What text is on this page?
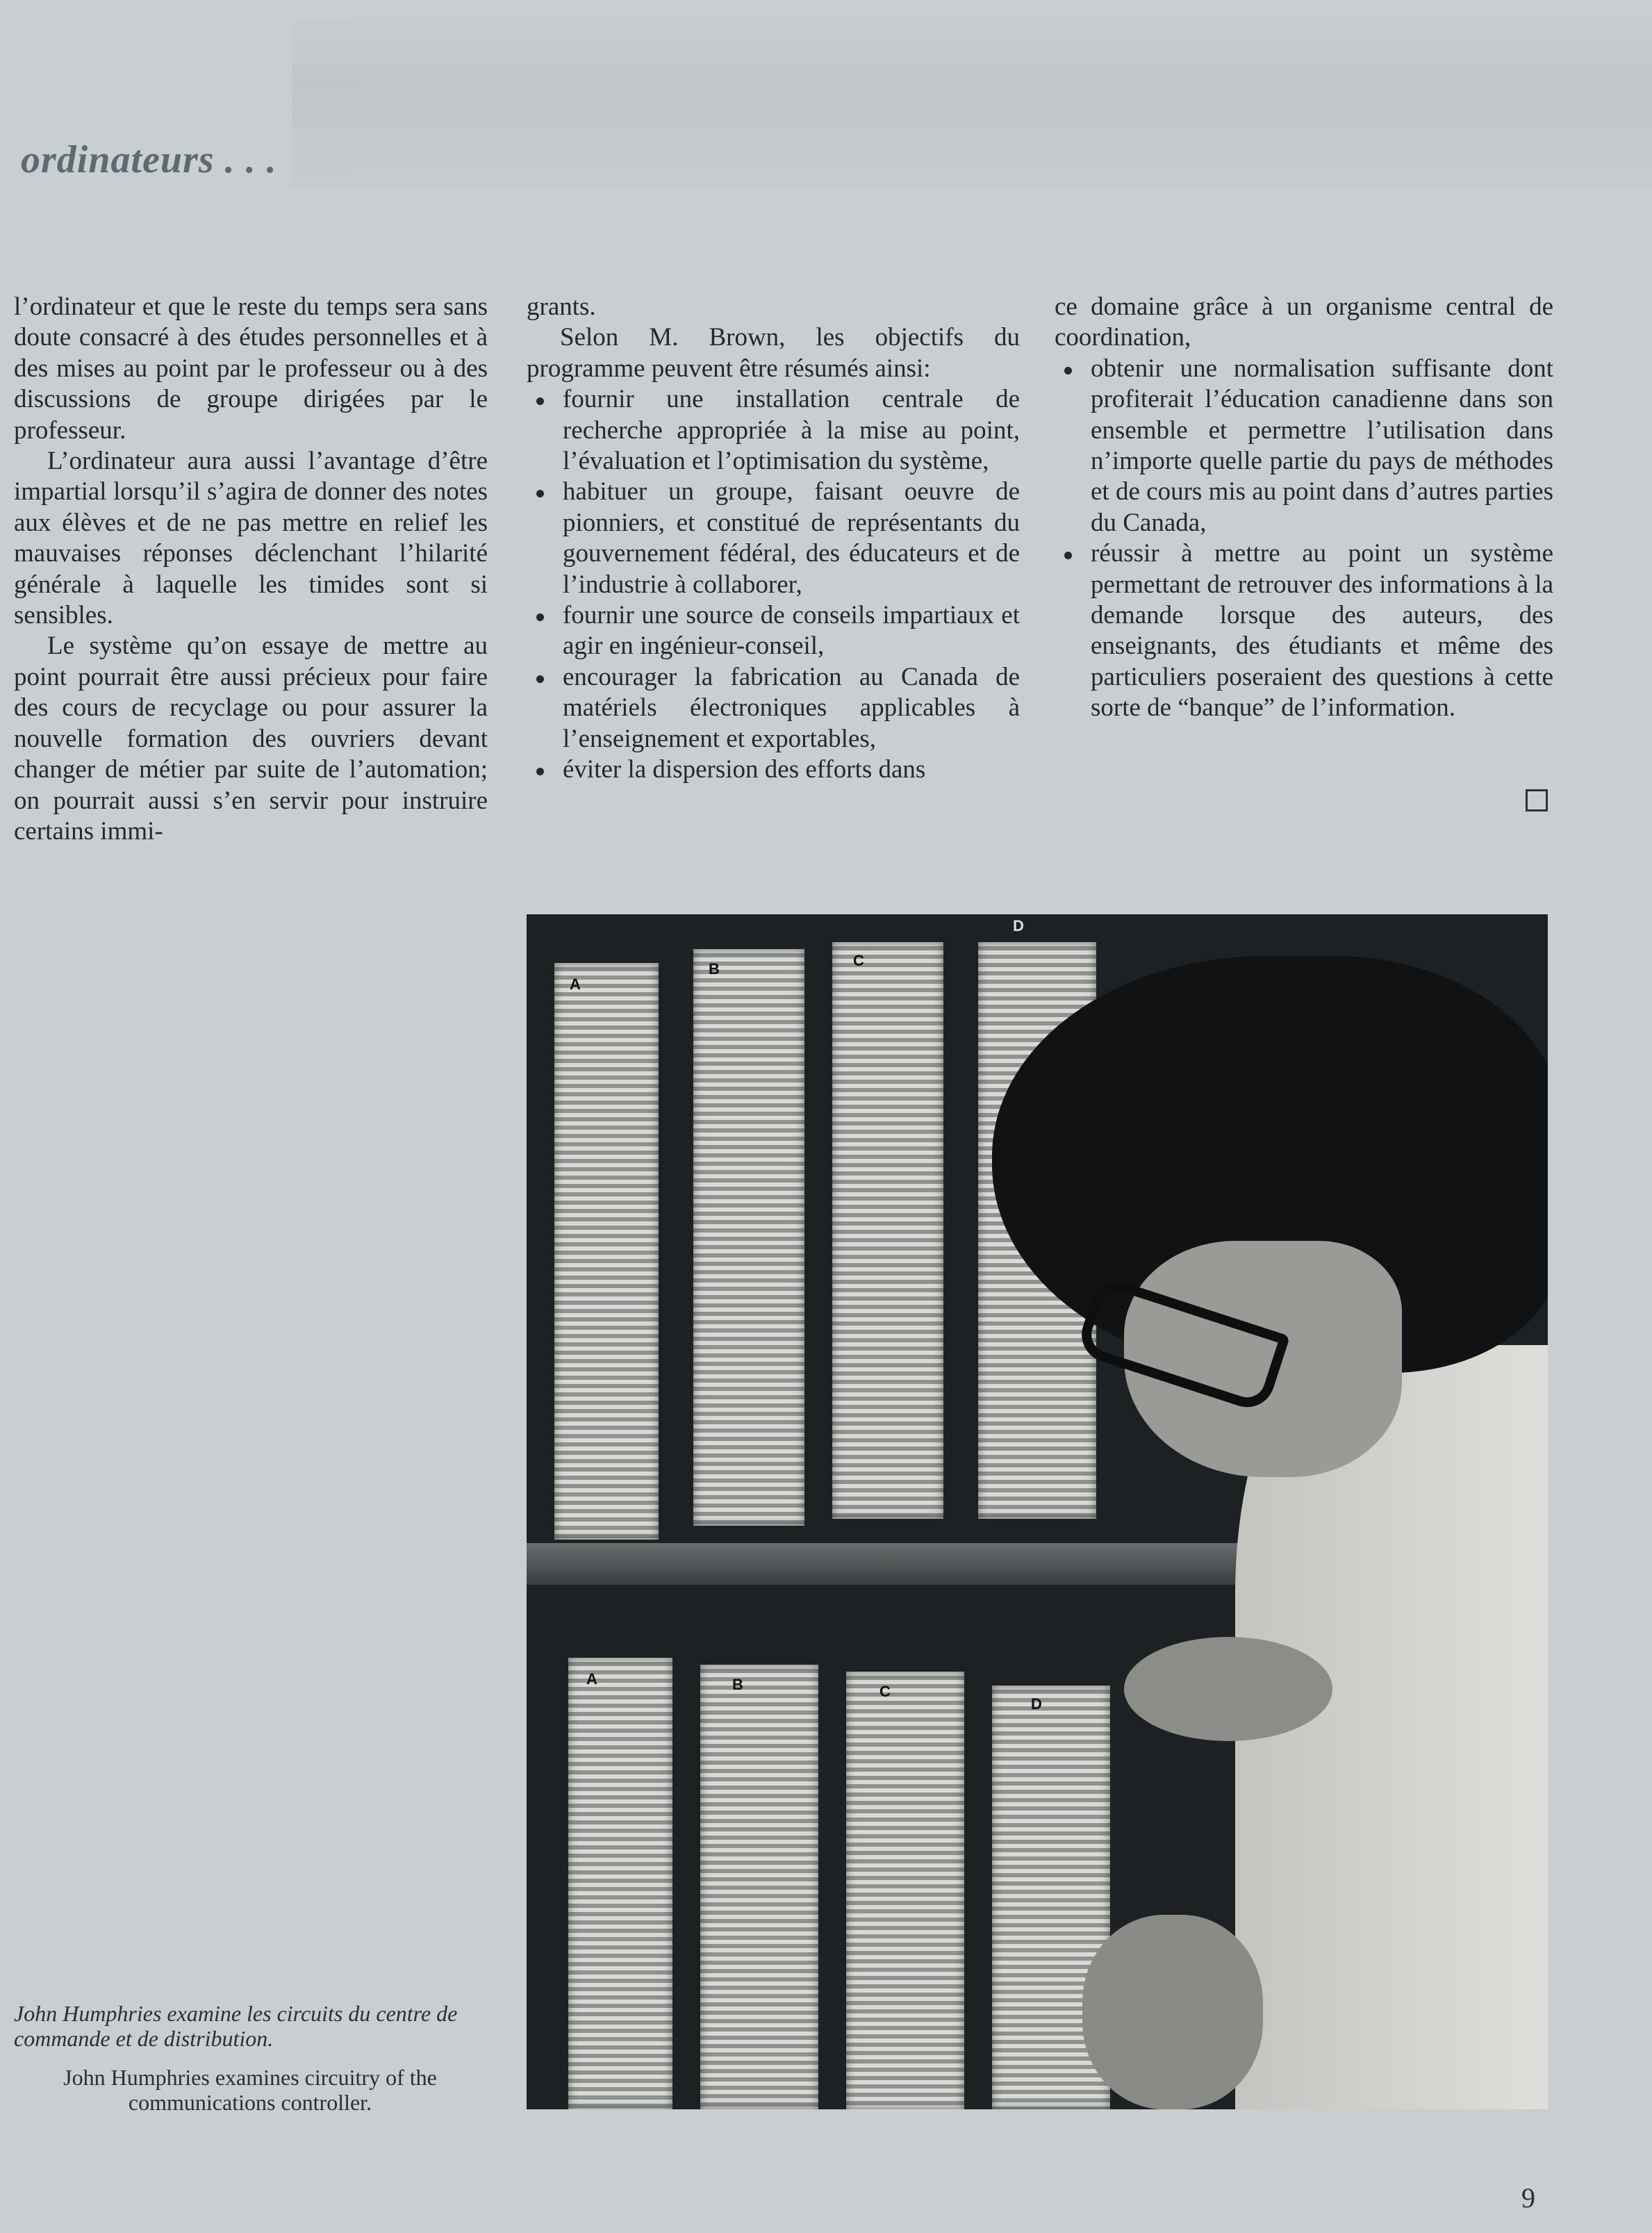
ordinateurs . . .

l’ordinateur et que le reste du temps sera sans doute consacré à des études personnelles et à des mises au point par le professeur ou à des discussions de groupe dirigées par le professeur.

L’ordinateur aura aussi l’avantage d’être impartial lorsqu’il s’agira de donner des notes aux élèves et de ne pas mettre en relief les mauvaises réponses déclenchant l’hilarité générale à laquelle les timides sont si sensibles.

Le système qu’on essaye de mettre au point pourrait être aussi précieux pour faire des cours de recyclage ou pour assurer la nouvelle formation des ouvriers devant changer de métier par suite de l’automation; on pourrait aussi s’en servir pour instruire certains immi-

grants.

Selon M. Brown, les objectifs du programme peuvent être résumés ainsi:

fournir une installation centrale de recherche appropriée à la mise au point, l’évaluation et l’optimisation du système,
habituer un groupe, faisant oeuvre de pionniers, et constitué de représentants du gouvernement fédéral, des éducateurs et de l’industrie à collaborer,
fournir une source de conseils impartiaux et agir en ingénieur-conseil,
encourager la fabrication au Canada de matériels électroniques applicables à l’enseignement et exportables,
éviter la dispersion des efforts dans

ce domaine grâce à un organisme central de coordination,

obtenir une normalisation suffisante dont profiterait l’éducation canadienne dans son ensemble et permettre l’utilisation dans n’importe quelle partie du pays de méthodes et de cours mis au point dans d’autres parties du Canada,
réussir à mettre au point un système permettant de retrouver des informations à la demande lorsque des auteurs, des enseignants, des étudiants et même des particuliers poseraient des questions à cette sorte de “banque” de l’information.
A
B	C
D
A	B	C
D
John Humphries examine les circuits du centre de commande et de distribution.
John Humphries examines circuitry of the communications controller.
9
